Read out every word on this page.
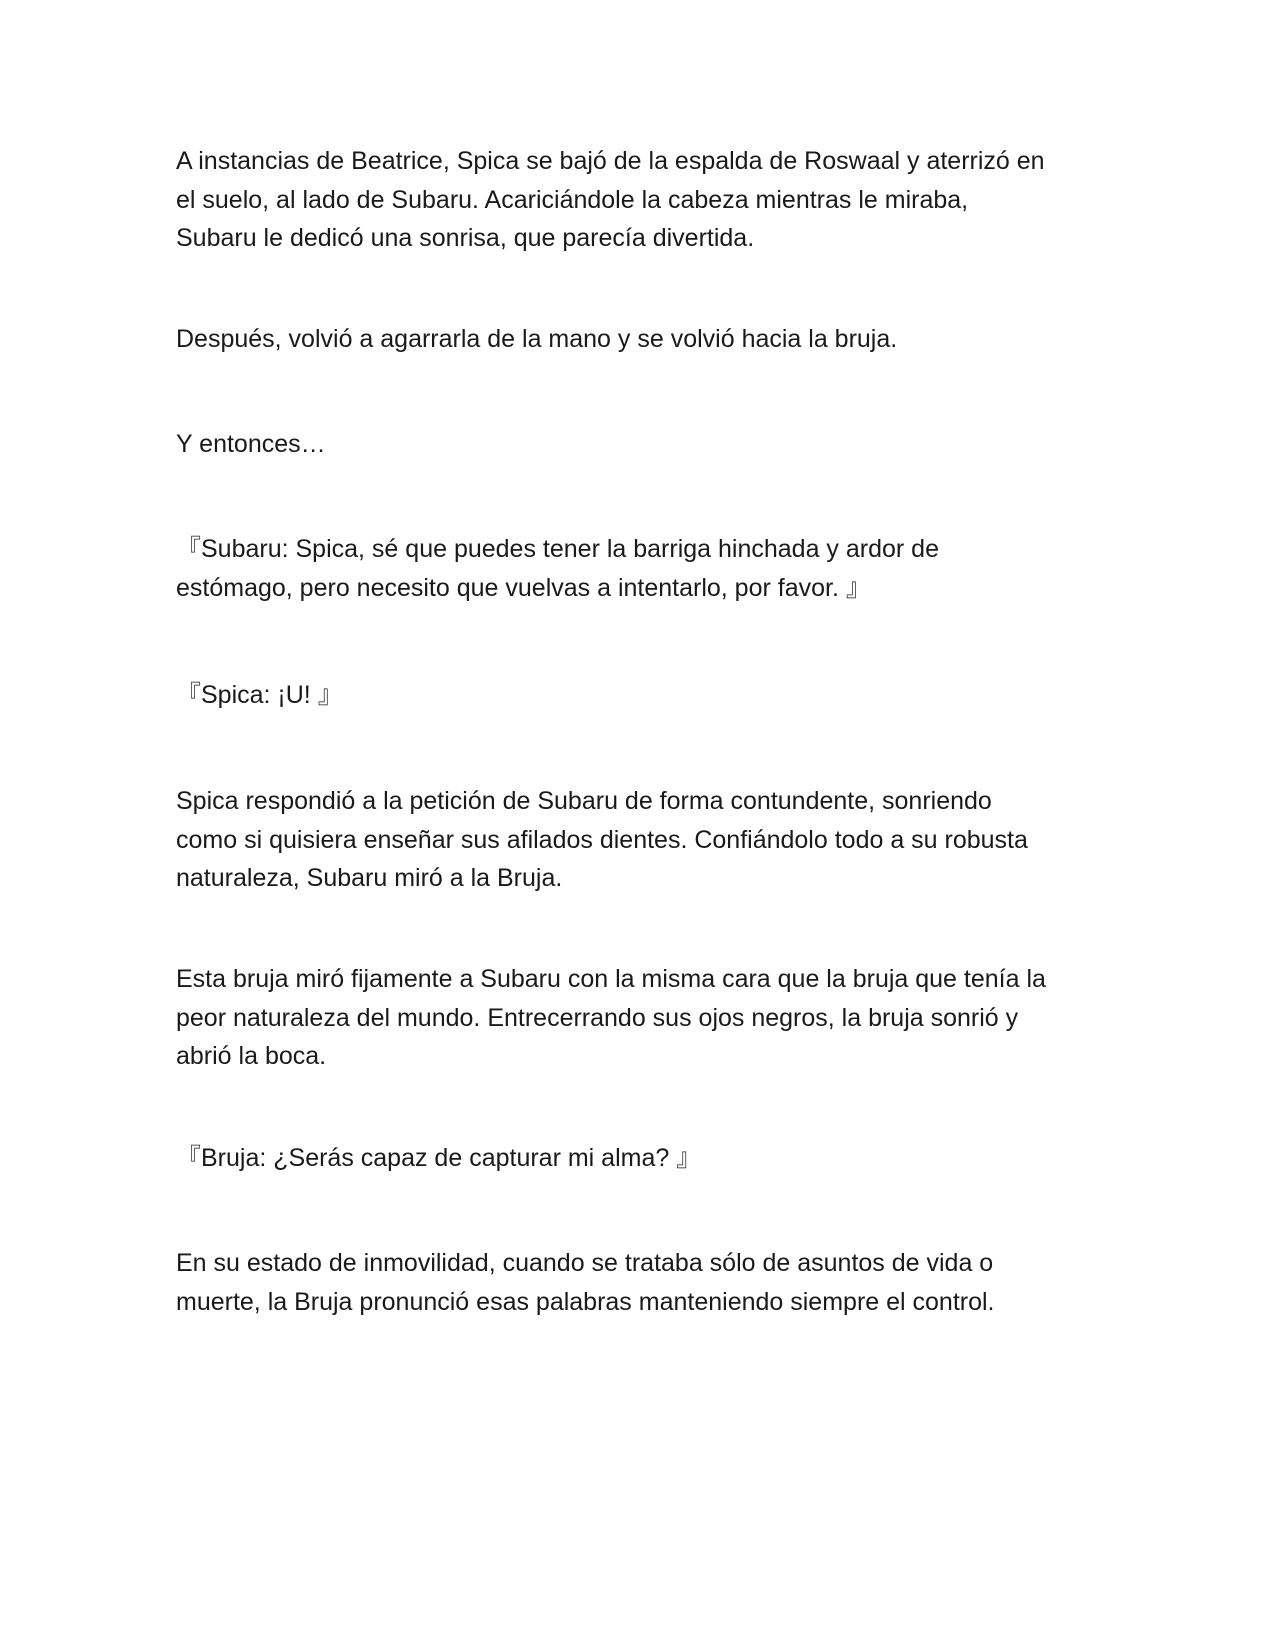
A instancias de Beatrice, Spica se bajó de la espalda de Roswaal y aterrizó en
el suelo, al lado de Subaru. Acariciándole la cabeza mientras le miraba,
Subaru le dedicó una sonrisa, que parecía divertida.

Después, volvió a agarrarla de la mano y se volvió hacia la bruja.

Y entonces…

『Subaru: Spica, sé que puedes tener la barriga hinchada y ardor de
estómago, pero necesito que vuelvas a intentarlo, por favor. 』

『Spica: ¡U! 』

Spica respondió a la petición de Subaru de forma contundente, sonriendo
como si quisiera enseñar sus afilados dientes. Confiándolo todo a su robusta
naturaleza, Subaru miró a la Bruja.

Esta bruja miró fijamente a Subaru con la misma cara que la bruja que tenía la
peor naturaleza del mundo. Entrecerrando sus ojos negros, la bruja sonrió y
abrió la boca.

『Bruja: ¿Serás capaz de capturar mi alma? 』

En su estado de inmovilidad, cuando se trataba sólo de asuntos de vida o
muerte, la Bruja pronunció esas palabras manteniendo siempre el control.
